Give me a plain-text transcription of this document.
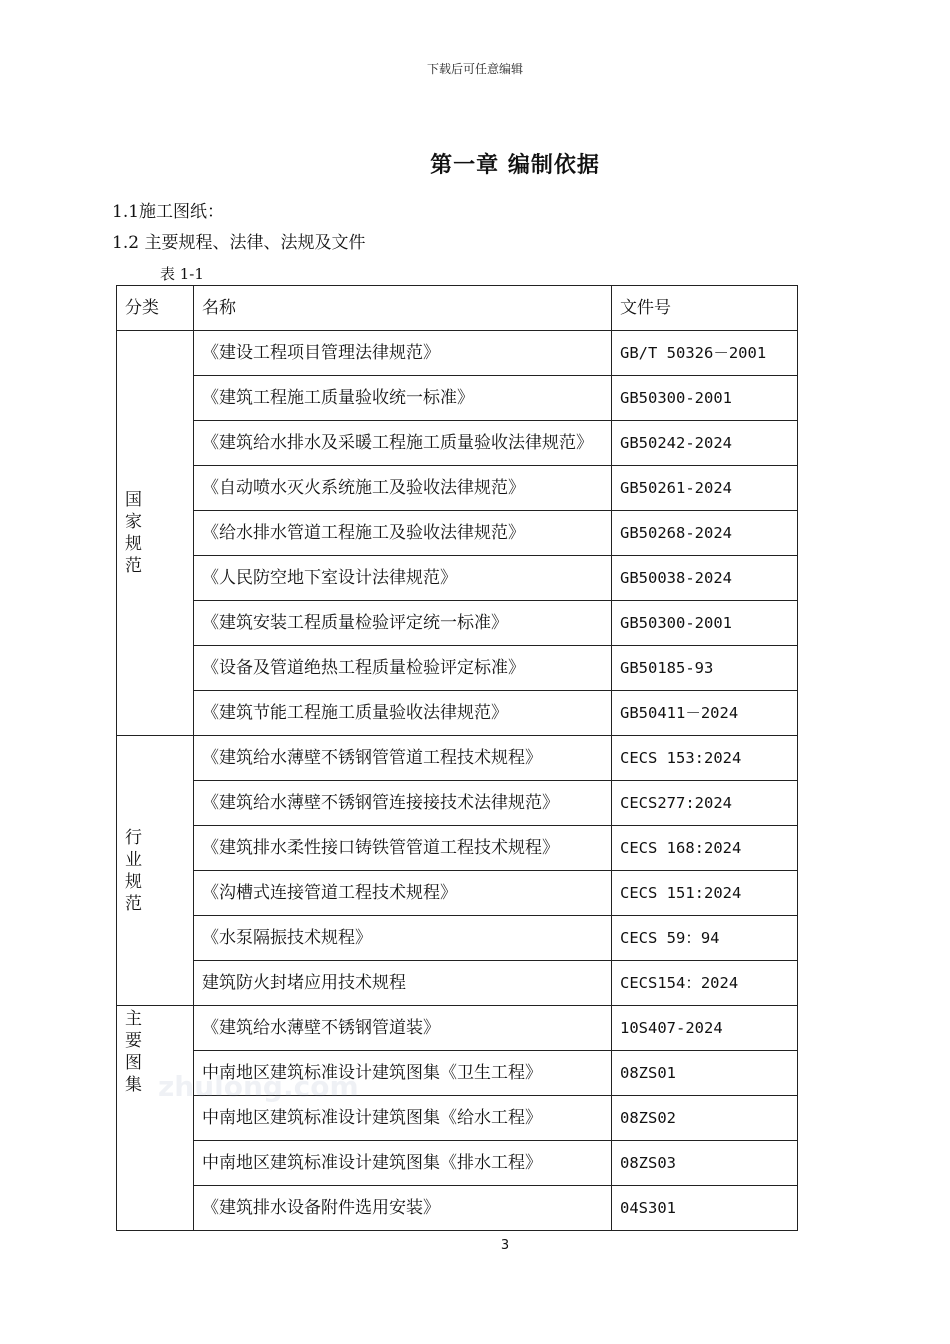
下载后可任意编辑
第一章 编制依据
1.1施工图纸：
1.2 主要规程、法律、法规及文件
表 1-1
分类	名称	文件号

国家规范	《建设工程项目管理法律规范》	GB/T 50326－2001
	《建筑工程施工质量验收统一标准》	GB50300-2001
	《建筑给水排水及采暖工程施工质量验收法律规范》	GB50242-2024
	《自动喷水灭火系统施工及验收法律规范》	GB50261-2024
	《给水排水管道工程施工及验收法律规范》	GB50268-2024
	《人民防空地下室设计法律规范》	GB50038-2024
	《建筑安装工程质量检验评定统一标准》	GB50300-2001
	《设备及管道绝热工程质量检验评定标准》	GB50185-93
	《建筑节能工程施工质量验收法律规范》	GB50411－2024

行业规范	《建筑给水薄壁不锈钢管管道工程技术规程》	CECS 153:2024
	《建筑给水薄壁不锈钢管连接接技术法律规范》	CECS277:2024
	《建筑排水柔性接口铸铁管管道工程技术规程》	CECS 168:2024
	《沟槽式连接管道工程技术规程》	CECS 151:2024
	《水泵隔振技术规程》	CECS 59：94
	建筑防火封堵应用技术规程	CECS154：2024

主要图集	《建筑给水薄壁不锈钢管道装》	10S407-2024
	中南地区建筑标准设计建筑图集《卫生工程》	08ZS01
	中南地区建筑标准设计建筑图集《给水工程》	08ZS02
	中南地区建筑标准设计建筑图集《排水工程》	08ZS03
	《建筑排水设备附件选用安装》	04S301
zhulong.com
3
